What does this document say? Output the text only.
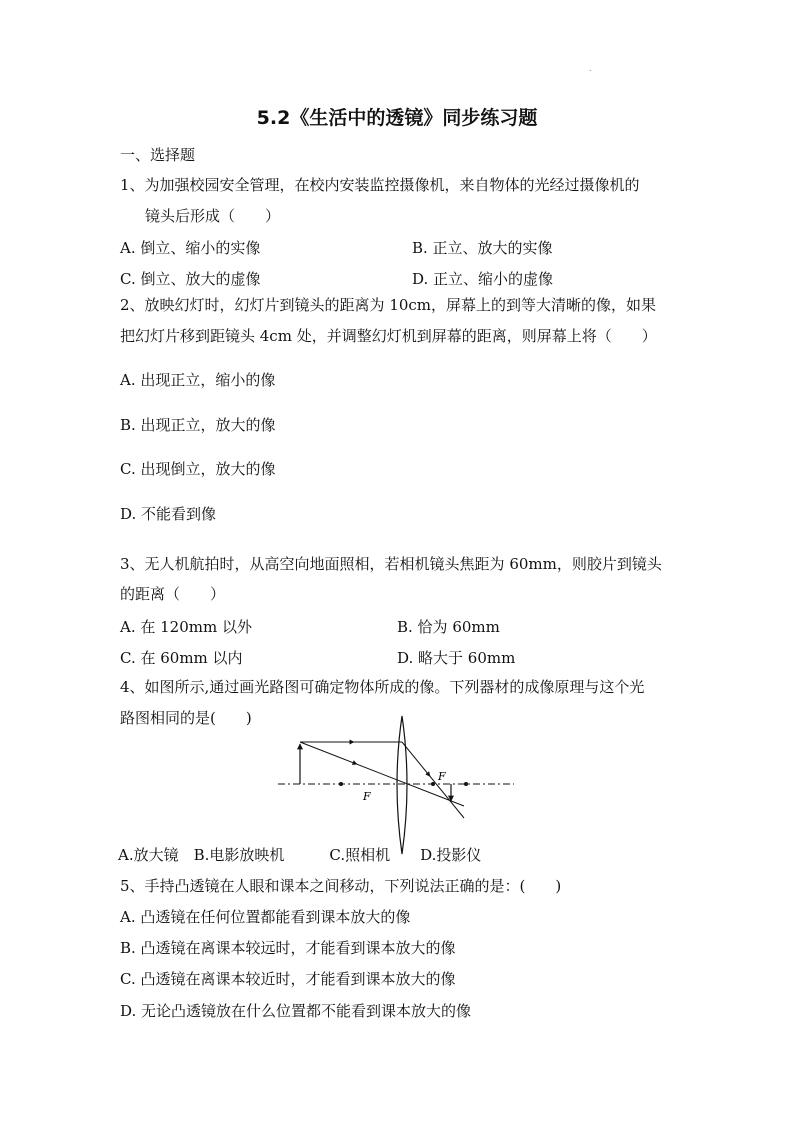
.
5.2《生活中的透镜》同步练习题
一、选择题
1、为加强校园安全管理，在校内安装监控摄像机，来自物体的光经过摄像机的
镜头后形成（　　）
A. 倒立、缩小的实像	B. 正立、放大的实像
C. 倒立、放大的虚像	D. 正立、缩小的虚像
2、放映幻灯时，幻灯片到镜头的距离为 10cm，屏幕上的到等大清晰的像，如果
把幻灯片移到距镜头 4cm 处，并调整幻灯机到屏幕的距离，则屏幕上将（　　）
A. 出现正立，缩小的像
B. 出现正立，放大的像
C. 出现倒立，放大的像
D. 不能看到像
3、无人机航拍时，从高空向地面照相，若相机镜头焦距为 60mm，则胶片到镜头
的距离（　　）
A. 在 120mm 以外	B. 恰为 60mm
C. 在 60mm 以内	D. 略大于 60mm
4、如图所示,通过画光路图可确定物体所成的像。下列器材的成像原理与这个光
路图相同的是(　　)
F
F
A.放大镜　B.电影放映机　　　C.照相机　　D.投影仪
5、手持凸透镜在人眼和课本之间移动，下列说法正确的是：(　　)
A. 凸透镜在任何位置都能看到课本放大的像
B. 凸透镜在离课本较远时，才能看到课本放大的像
C. 凸透镜在离课本较近时，才能看到课本放大的像
D. 无论凸透镜放在什么位置都不能看到课本放大的像
